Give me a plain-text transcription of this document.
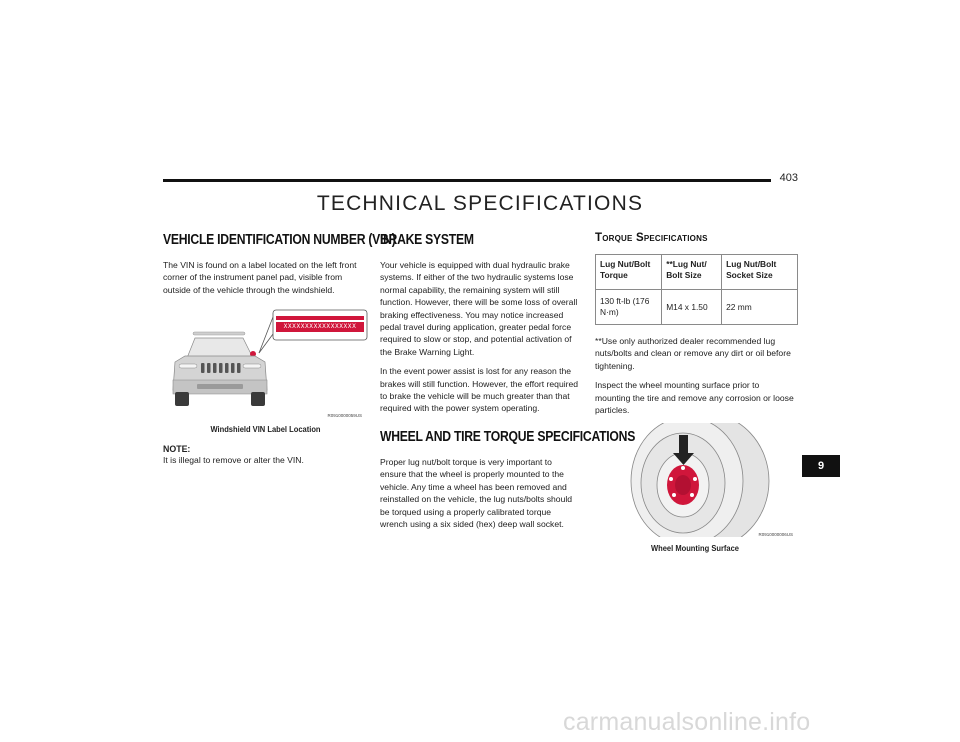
403
TECHNICAL SPECIFICATIONS
VEHICLE IDENTIFICATION NUMBER (VIN)

The VIN is found on a label located on the left front corner of the instrument panel pad, visible from outside of the vehicle through the windshield.

R0910000059US
XXXXXXXXXXXXXXXXX
Windshield VIN Label Location
NOTE:

It is illegal to remove or alter the VIN.

BRAKE SYSTEM

Your vehicle is equipped with dual hydraulic brake systems. If either of the two hydraulic systems lose normal capability, the remaining system will still function. However, there will be some loss of overall braking effectiveness. You may notice increased pedal travel during application, greater pedal force required to slow or stop, and potential activation of the Brake Warning Light.

In the event power assist is lost for any reason the brakes will still function. However, the effort required to brake the vehicle will be much greater than that required with the power system operating.

WHEEL AND TIRE TORQUE SPECIFICATIONS

Proper lug nut/bolt torque is very important to ensure that the wheel is properly mounted to the vehicle. Any time a wheel has been removed and reinstalled on the vehicle, the lug nuts/bolts should be torqued using a properly calibrated torque wrench using a six sided (hex) deep wall socket.

Torque Specifications
Lug Nut/Bolt Torque	**Lug Nut/ Bolt Size	Lug Nut/Bolt Socket Size
130 ft-lb (176 N·m)	M14 x 1.50	22 mm

**Use only authorized dealer recommended lug nuts/bolts and clean or remove any dirt or oil before tightening.

Inspect the wheel mounting surface prior to mounting the tire and remove any corrosion or loose particles.

R0910000006US
Wheel Mounting Surface
9
carmanualsonline.info
